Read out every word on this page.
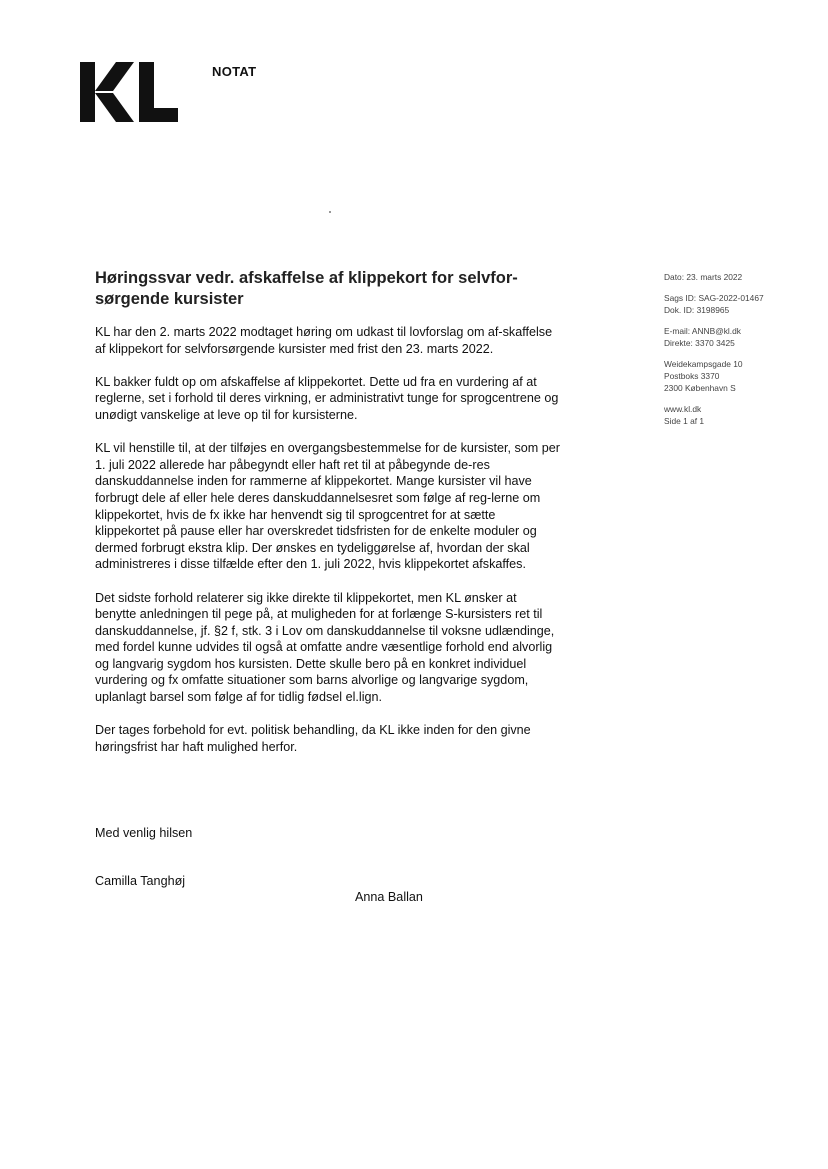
NOTAT

Dato: 23. marts 2022

Sags ID: SAG-2022-01467

Dok. ID: 3198965

E-mail: ANNB@kl.dk

Direkte: 3370 3425

Weidekampsgade 10

Postboks 3370

2300 København S

www.kl.dk

Side 1 af 1

Høringssvar vedr. afskaffelse af klippekort for selvfor-sørgende kursister

KL har den 2. marts 2022 modtaget høring om udkast til lovforslag om af-skaffelse af klippekort for selvforsørgende kursister med frist den 23. marts 2022.

KL bakker fuldt op om afskaffelse af klippekortet. Dette ud fra en vurdering af at reglerne, set i forhold til deres virkning, er administrativt tunge for sprogcentrene og unødigt vanskelige at leve op til for kursisterne.

KL vil henstille til, at der tilføjes en overgangsbestemmelse for de kursister, som per 1. juli 2022 allerede har påbegyndt eller haft ret til at påbegynde de-res danskuddannelse inden for rammerne af klippekortet. Mange kursister vil have forbrugt dele af eller hele deres danskuddannelsesret som følge af reg-lerne om klippekortet, hvis de fx ikke har henvendt sig til sprogcentret for at sætte klippekortet på pause eller har overskredet tidsfristen for de enkelte moduler og dermed forbrugt ekstra klip. Der ønskes en tydeliggørelse af, hvordan der skal administreres i disse tilfælde efter den 1. juli 2022, hvis klippekortet afskaffes.

Det sidste forhold relaterer sig ikke direkte til klippekortet, men KL ønsker at benytte anledningen til pege på, at muligheden for at forlænge S-kursisters ret til danskuddannelse, jf. §2 f, stk. 3 i Lov om danskuddannelse til voksne udlændinge, med fordel kunne udvides til også at omfatte andre væsentlige forhold end alvorlig og langvarig sygdom hos kursisten. Dette skulle bero på en konkret individuel vurdering og fx omfatte situationer som barns alvorlige og langvarige sygdom, uplanlagt barsel som følge af for tidlig fødsel el.lign.

Der tages forbehold for evt. politisk behandling, da KL ikke inden for den givne høringsfrist har haft mulighed herfor.

Med venlig hilsen
Camilla Tanghøj
Anna Ballan
